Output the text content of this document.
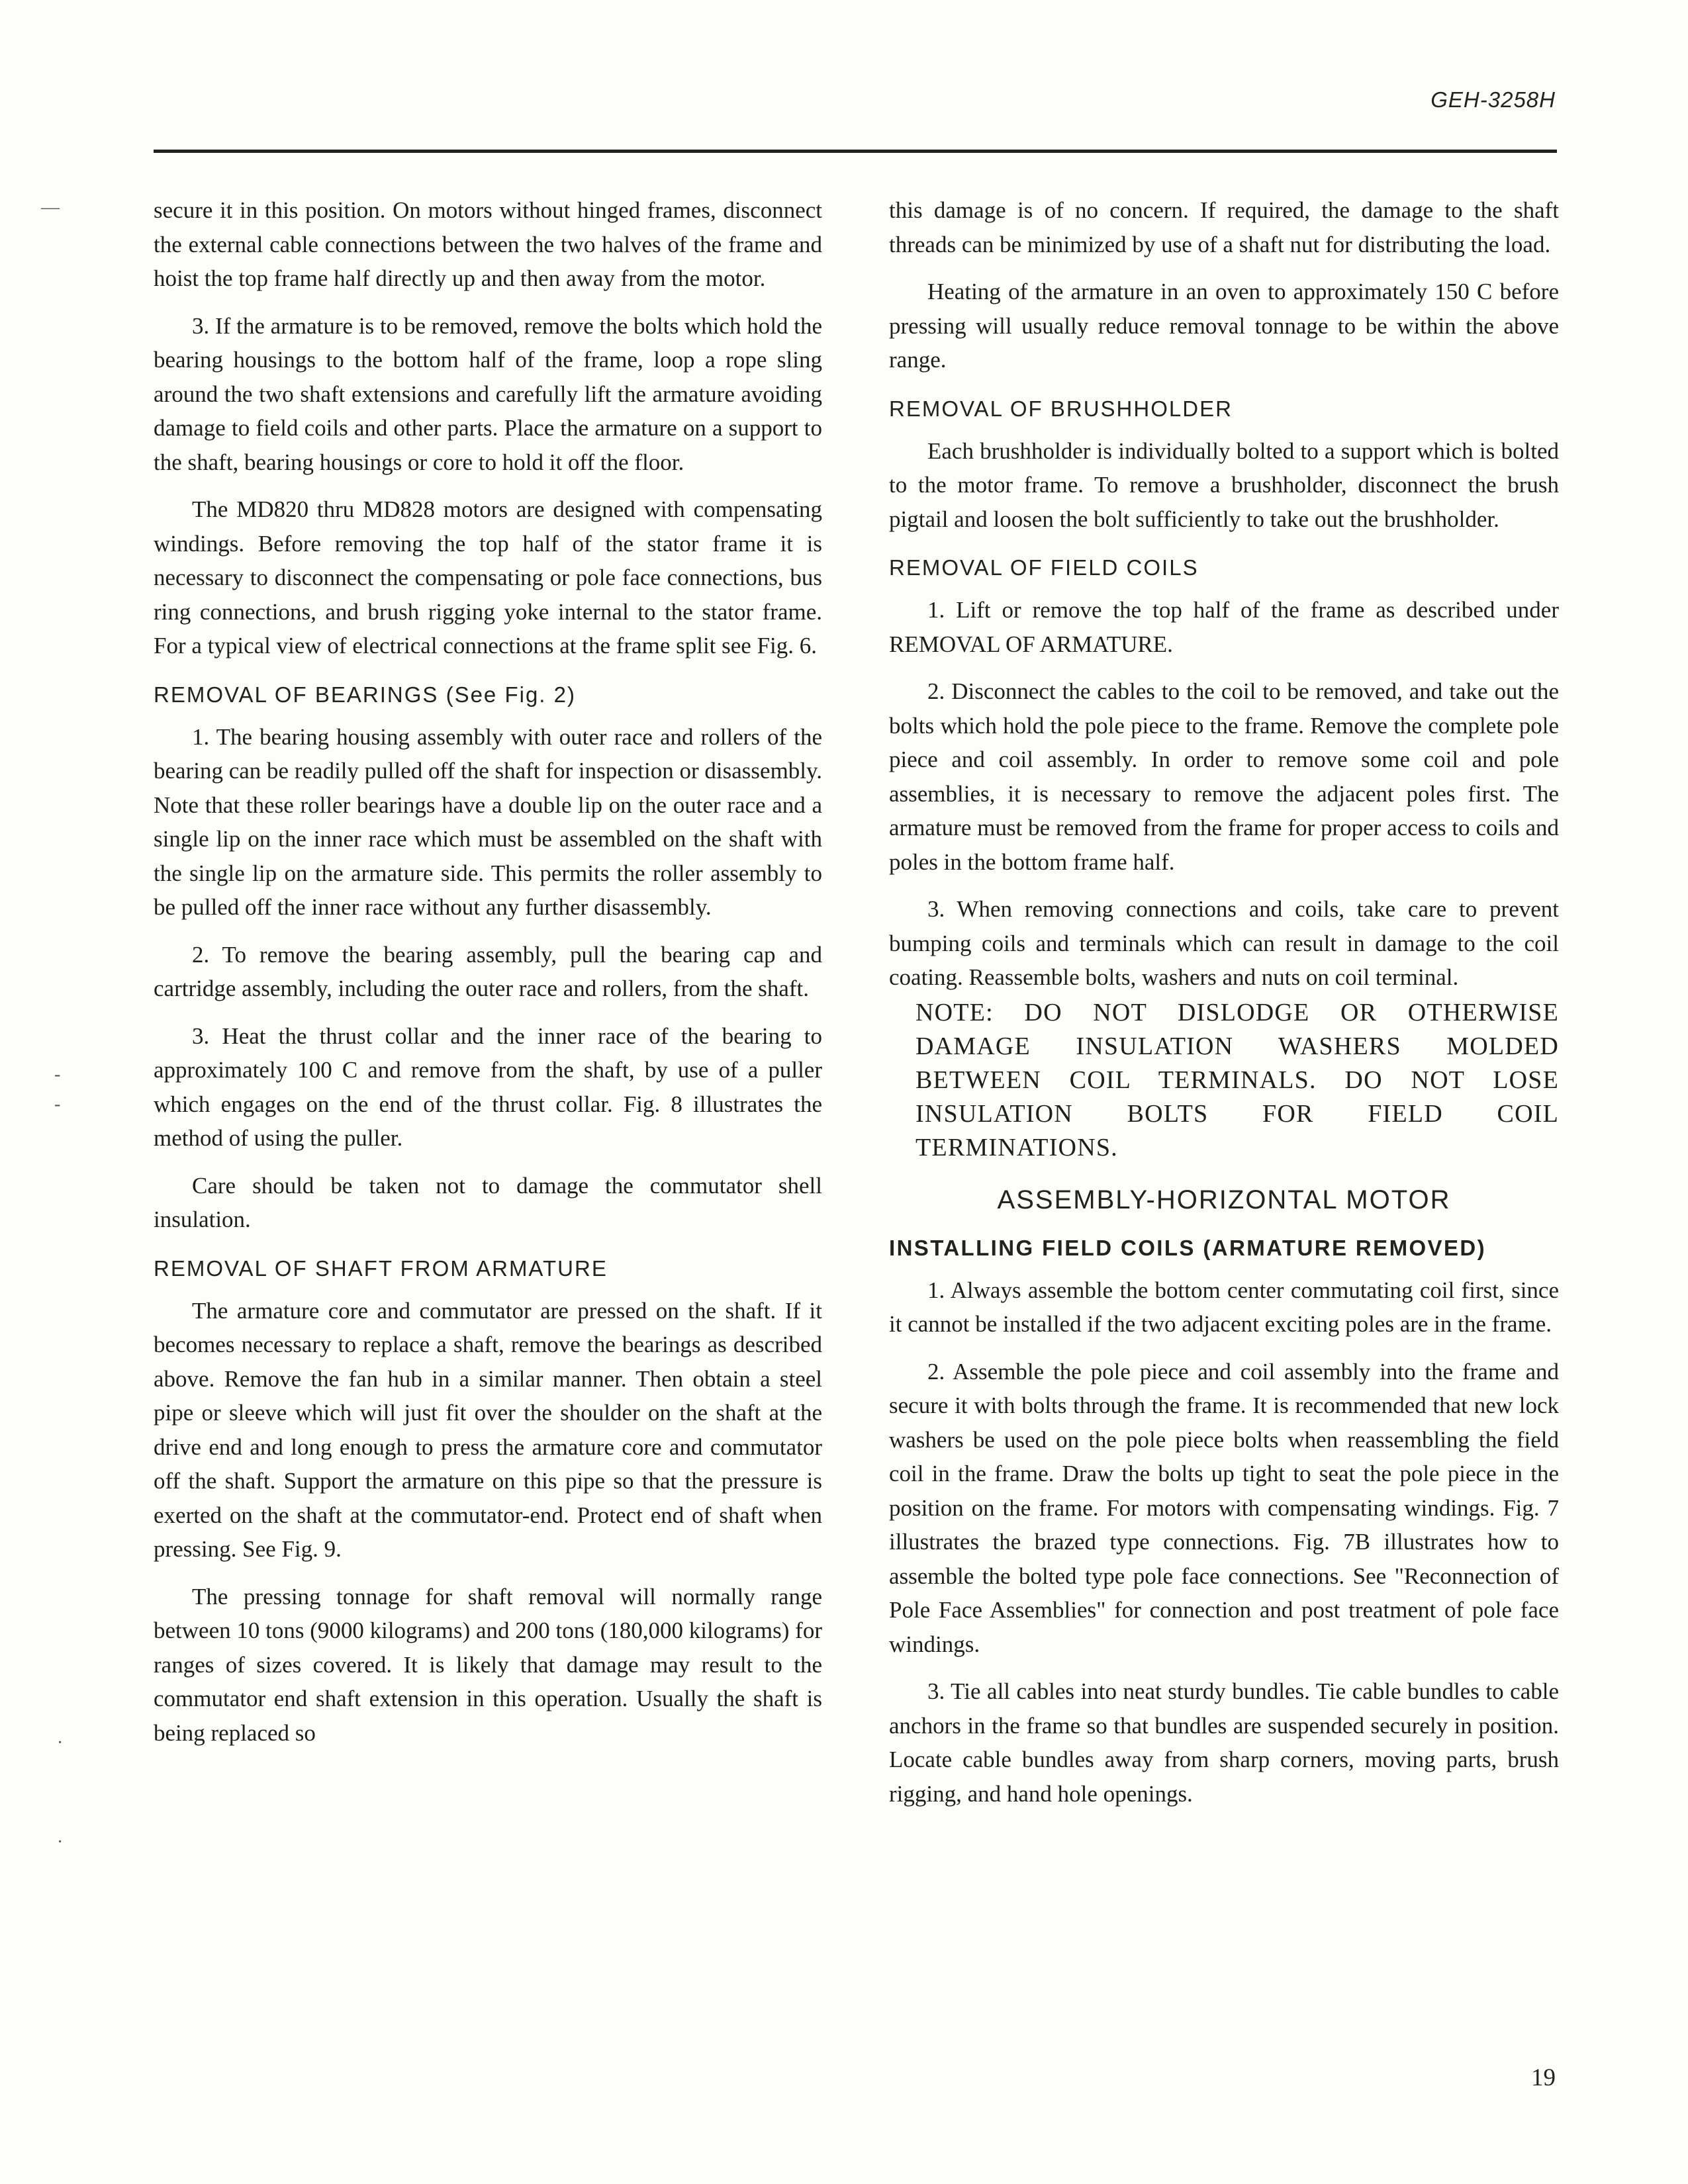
GEH-3258H
—
-
-
·
·

secure it in this position. On motors without hinged frames, disconnect the external cable connections between the two halves of the frame and hoist the top frame half directly up and then away from the motor.

3. If the armature is to be removed, remove the bolts which hold the bearing housings to the bottom half of the frame, loop a rope sling around the two shaft extensions and carefully lift the armature avoiding damage to field coils and other parts. Place the armature on a support to the shaft, bearing housings or core to hold it off the floor.

The MD820 thru MD828 motors are designed with compensating windings. Before removing the top half of the stator frame it is necessary to disconnect the compensating or pole face connections, bus ring connections, and brush rigging yoke internal to the stator frame. For a typical view of electrical connections at the frame split see Fig. 6.

REMOVAL OF BEARINGS (See Fig. 2)

1. The bearing housing assembly with outer race and rollers of the bearing can be readily pulled off the shaft for inspection or disassembly. Note that these roller bearings have a double lip on the outer race and a single lip on the inner race which must be assembled on the shaft with the single lip on the armature side. This permits the roller assembly to be pulled off the inner race without any further disassembly.

2. To remove the bearing assembly, pull the bearing cap and cartridge assembly, including the outer race and rollers, from the shaft.

3. Heat the thrust collar and the inner race of the bearing to approximately 100 C and remove from the shaft, by use of a puller which engages on the end of the thrust collar. Fig. 8 illustrates the method of using the puller.

Care should be taken not to damage the commutator shell insulation.

REMOVAL OF SHAFT FROM ARMATURE

The armature core and commutator are pressed on the shaft. If it becomes necessary to replace a shaft, remove the bearings as described above. Remove the fan hub in a similar manner. Then obtain a steel pipe or sleeve which will just fit over the shoulder on the shaft at the drive end and long enough to press the armature core and commutator off the shaft. Support the armature on this pipe so that the pressure is exerted on the shaft at the commutator-end. Protect end of shaft when pressing. See Fig. 9.

The pressing tonnage for shaft removal will normally range between 10 tons (9000 kilograms) and 200 tons (180,000 kilograms) for ranges of sizes covered. It is likely that damage may result to the commutator end shaft extension in this operation. Usually the shaft is being replaced so

this damage is of no concern. If required, the damage to the shaft threads can be minimized by use of a shaft nut for distributing the load.

Heating of the armature in an oven to approximately 150 C before pressing will usually reduce removal tonnage to be within the above range.

REMOVAL OF BRUSHHOLDER

Each brushholder is individually bolted to a support which is bolted to the motor frame. To remove a brushholder, disconnect the brush pigtail and loosen the bolt sufficiently to take out the brushholder.

REMOVAL OF FIELD COILS

1. Lift or remove the top half of the frame as described under REMOVAL OF ARMATURE.

2. Disconnect the cables to the coil to be removed, and take out the bolts which hold the pole piece to the frame. Remove the complete pole piece and coil assembly. In order to remove some coil and pole assemblies, it is necessary to remove the adjacent poles first. The armature must be removed from the frame for proper access to coils and poles in the bottom frame half.

3. When removing connections and coils, take care to prevent bumping coils and terminals which can result in damage to the coil coating. Reassemble bolts, washers and nuts on coil terminal.

NOTE: DO NOT DISLODGE OR OTHERWISE DAMAGE INSULATION WASHERS MOLDED BETWEEN COIL TERMINALS. DO NOT LOSE INSULATION BOLTS FOR FIELD COIL TERMINATIONS.
ASSEMBLY-HORIZONTAL MOTOR
INSTALLING FIELD COILS (ARMATURE REMOVED)

1. Always assemble the bottom center commutating coil first, since it cannot be installed if the two adjacent exciting poles are in the frame.

2. Assemble the pole piece and coil assembly into the frame and secure it with bolts through the frame. It is recommended that new lock washers be used on the pole piece bolts when reassembling the field coil in the frame. Draw the bolts up tight to seat the pole piece in the position on the frame. For motors with compensating windings. Fig. 7 illustrates the brazed type connections. Fig. 7B illustrates how to assemble the bolted type pole face connections. See "Reconnection of Pole Face Assemblies" for connection and post treatment of pole face windings.

3. Tie all cables into neat sturdy bundles. Tie cable bundles to cable anchors in the frame so that bundles are suspended securely in position. Locate cable bundles away from sharp corners, moving parts, brush rigging, and hand hole openings.

19
